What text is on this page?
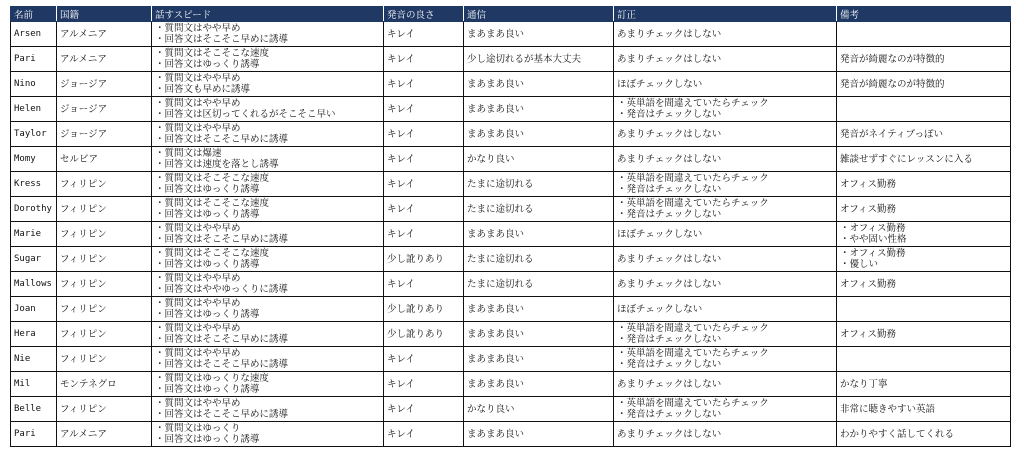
名前	国籍	話すスピード	発音の良さ	通信	訂正	備考
Arsen	アルメニア	・質問文はやや早め
・回答文はそこそこ早めに誘導	キレイ	まあまあ良い	あまりチェックはしない	

Pari	アルメニア	・質問文はそこそこな速度
・回答文はゆっくり誘導	キレイ	少し途切れるが基本大丈夫	あまりチェックはしない	発音が綺麗なのが特徴的

Nino	ジョージア	・質問文はやや早め
・回答文も早めに誘導	キレイ	まあまあ良い	ほぼチェックしない	発音が綺麗なのが特徴的

Helen	ジョージア	・質問文はやや早め
・回答文は区切ってくれるがそこそこ早い	キレイ	まあまあ良い	・英単語を間違えていたらチェック
・発音はチェックしない	

Taylor	ジョージア	・質問文はやや早め
・回答文はそこそこ早めに誘導	キレイ	まあまあ良い	あまりチェックはしない	発音がネイティブっぽい

Momy	セルビア	・質問文は爆速
・回答文は速度を落とし誘導	キレイ	かなり良い	あまりチェックはしない	雑談せずすぐにレッスンに入る

Kress	フィリピン	・質問文はそこそこな速度
・回答文はゆっくり誘導	キレイ	たまに途切れる	・英単語を間違えていたらチェック
・発音はチェックしない	オフィス勤務

Dorothy	フィリピン	・質問文はそこそこな速度
・回答文はゆっくり誘導	キレイ	たまに途切れる	・英単語を間違えていたらチェック
・発音はチェックしない	オフィス勤務

Marie	フィリピン	・質問文はやや早め
・回答文はそこそこ早めに誘導	キレイ	まあまあ良い	ほぼチェックしない	・オフィス勤務
・やや固い性格

Sugar	フィリピン	・質問文はそこそこな速度
・回答文はゆっくり誘導	少し訛りあり	たまに途切れる	あまりチェックはしない	・オフィス勤務
・優しい

Mallows	フィリピン	・質問文はやや早め
・回答文はややゆっくりに誘導	キレイ	たまに途切れる	あまりチェックはしない	オフィス勤務

Joan	フィリピン	・質問文はやや早め
・回答文はゆっくり誘導	少し訛りあり	まあまあ良い	ほぼチェックしない	

Hera	フィリピン	・質問文はやや早め
・回答文はそこそこ早めに誘導	少し訛りあり	まあまあ良い	・英単語を間違えていたらチェック
・発音はチェックしない	オフィス勤務

Nie	フィリピン	・質問文はやや早め
・回答文はそこそこ早めに誘導	キレイ	まあまあ良い	・英単語を間違えていたらチェック
・発音はチェックしない	

Mil	モンテネグロ	・質問文はゆっくりな速度
・回答文はゆっくり誘導	キレイ	まあまあ良い	あまりチェックはしない	かなり丁寧

Belle	フィリピン	・質問文はやや早め
・回答文はそこそこ早めに誘導	キレイ	かなり良い	・英単語を間違えていたらチェック
・発音はチェックしない	非常に聴きやすい英語

Pari	アルメニア	・質問文はゆっくり
・回答文はゆっくり誘導	キレイ	まあまあ良い	あまりチェックはしない	わかりやすく話してくれる
